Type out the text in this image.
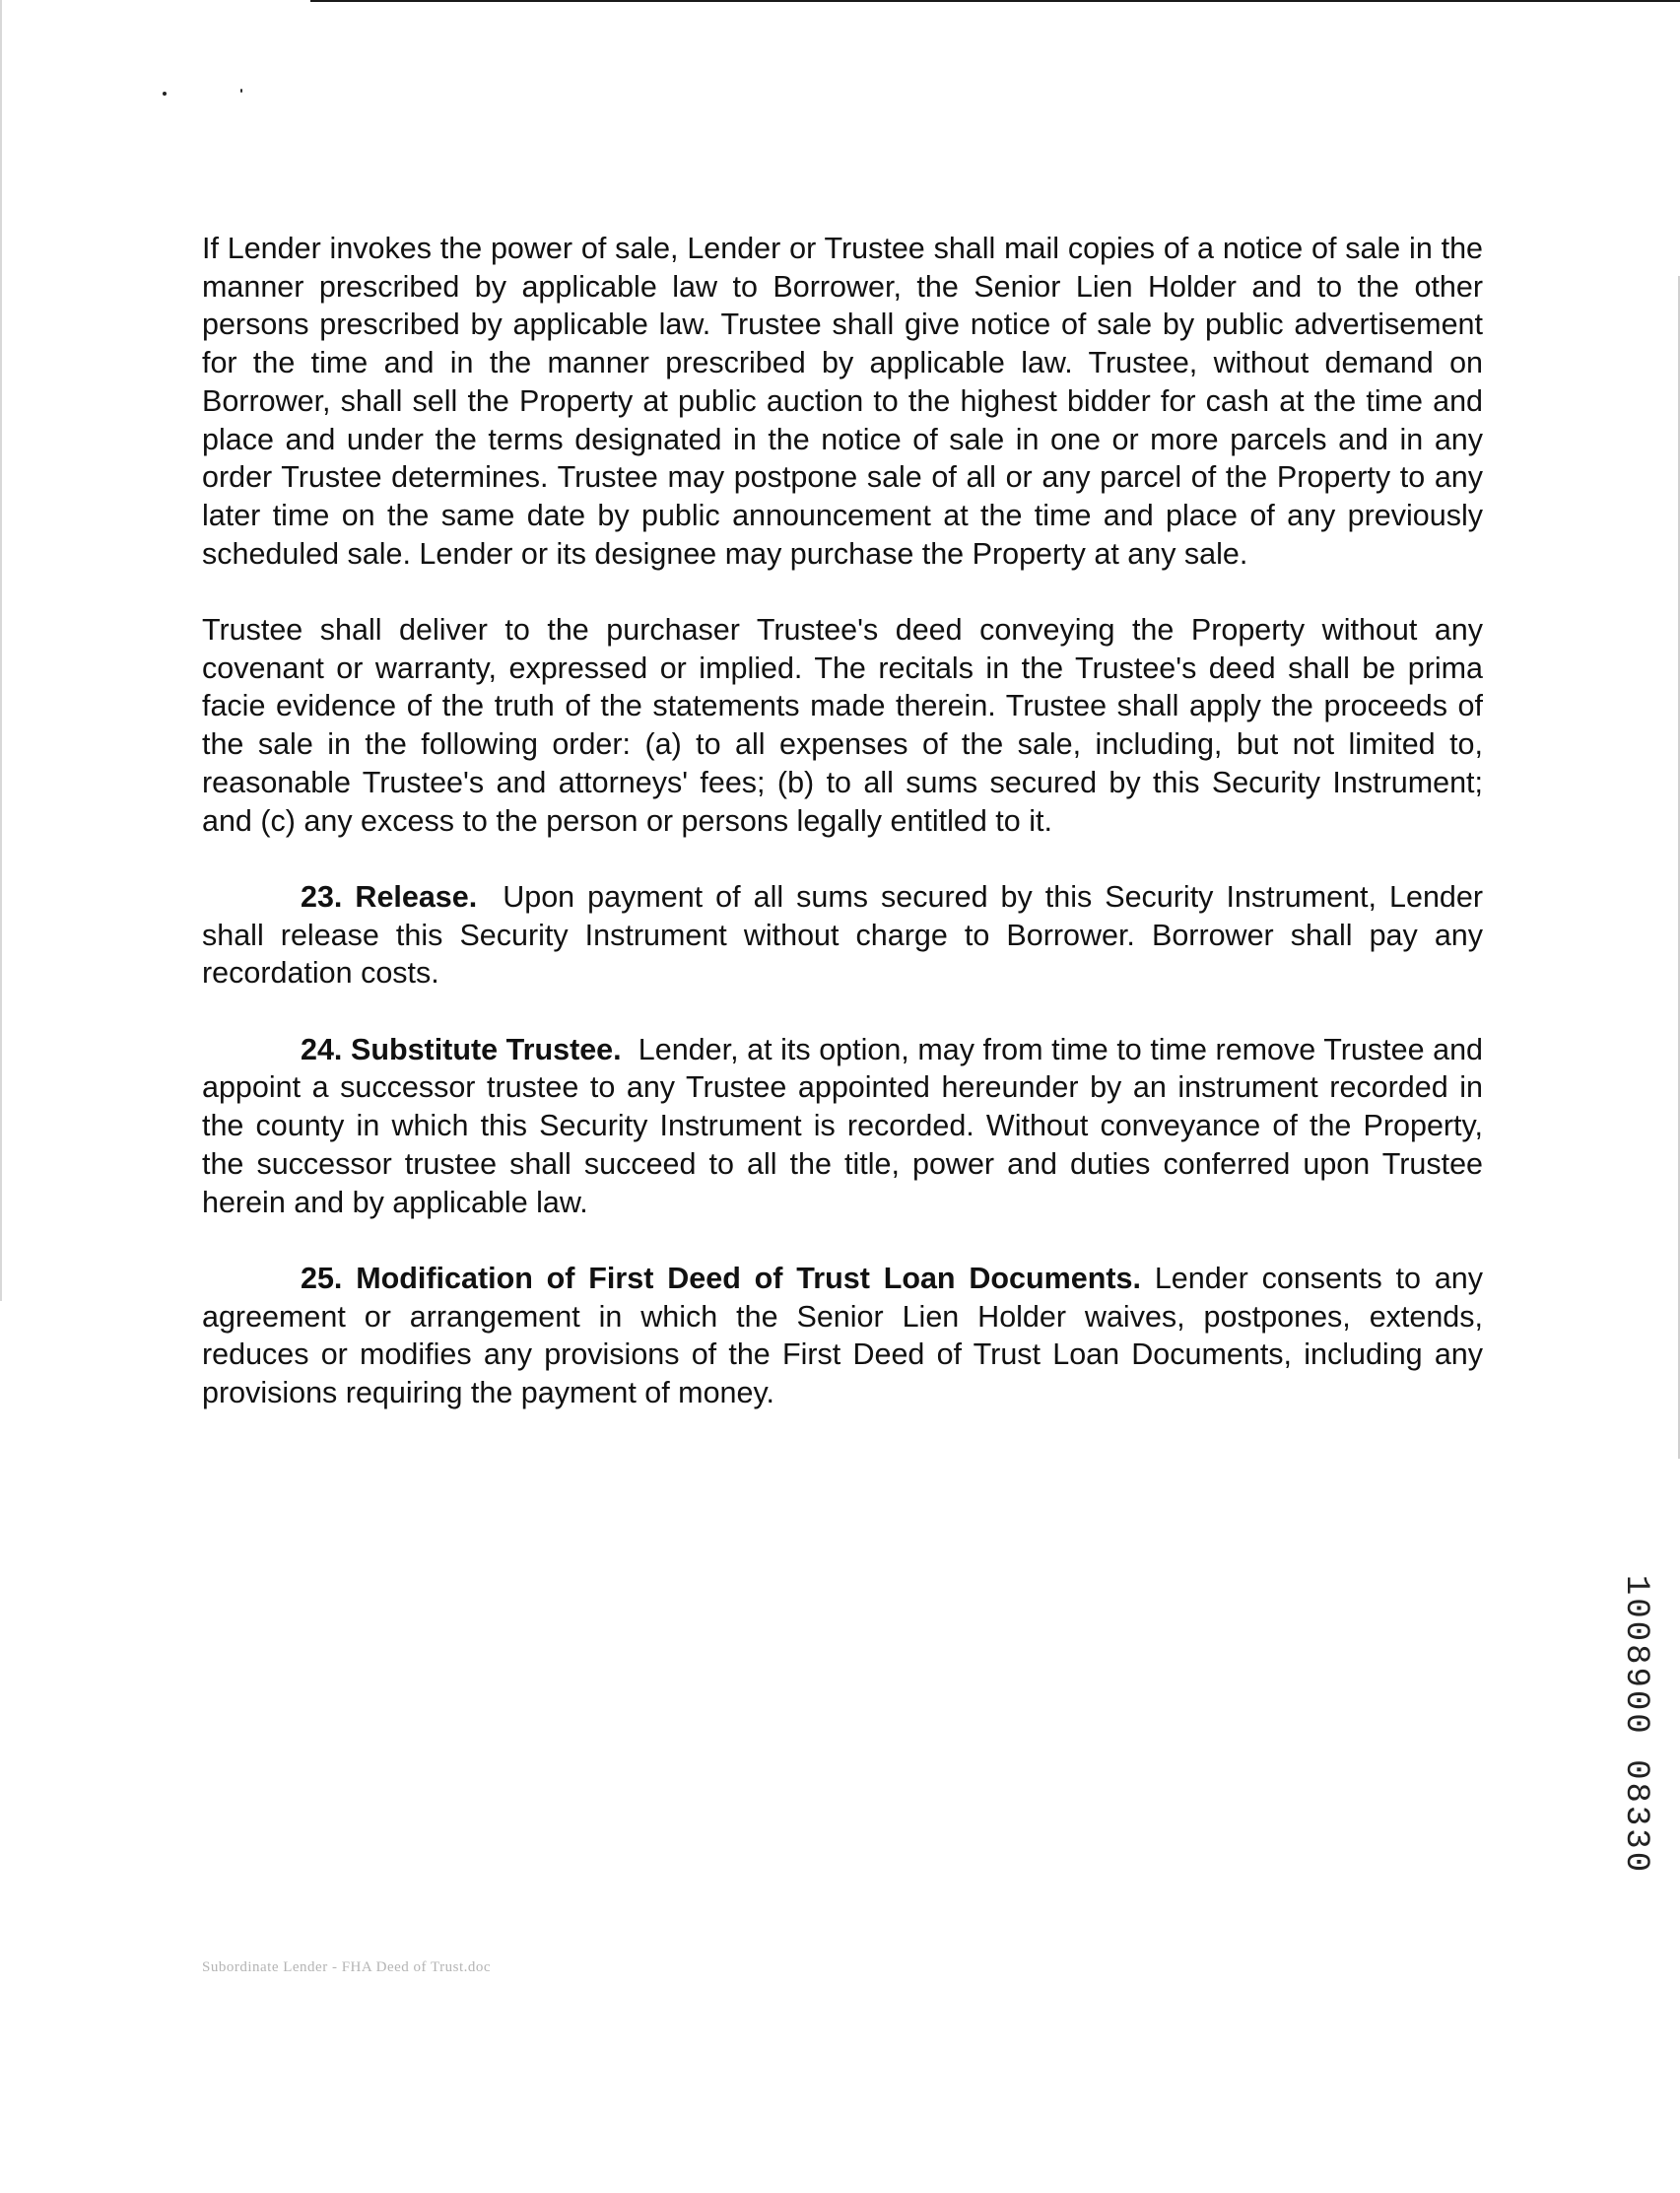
If Lender invokes the power of sale, Lender or Trustee shall mail copies of a notice of sale in the manner prescribed by applicable law to Borrower, the Senior Lien Holder and to the other persons prescribed by applicable law. Trustee shall give notice of sale by public advertisement for the time and in the manner prescribed by applicable law. Trustee, without demand on Borrower, shall sell the Property at public auction to the highest bidder for cash at the time and place and under the terms designated in the notice of sale in one or more parcels and in any order Trustee determines. Trustee may postpone sale of all or any parcel of the Property to any later time on the same date by public announcement at the time and place of any previously scheduled sale. Lender or its designee may purchase the Property at any sale.

Trustee shall deliver to the purchaser Trustee's deed conveying the Property without any covenant or warranty, expressed or implied. The recitals in the Trustee's deed shall be prima facie evidence of the truth of the statements made therein. Trustee shall apply the proceeds of the sale in the following order: (a) to all expenses of the sale, including, but not limited to, reasonable Trustee's and attorneys' fees; (b) to all sums secured by this Security Instrument; and (c) any excess to the person or persons legally entitled to it.

23. Release. Upon payment of all sums secured by this Security Instrument, Lender shall release this Security Instrument without charge to Borrower. Borrower shall pay any recordation costs.

24. Substitute Trustee. Lender, at its option, may from time to time remove Trustee and appoint a successor trustee to any Trustee appointed hereunder by an instrument recorded in the county in which this Security Instrument is recorded. Without conveyance of the Property, the successor trustee shall succeed to all the title, power and duties conferred upon Trustee herein and by applicable law.

25. Modification of First Deed of Trust Loan Documents. Lender consents to any agreement or arrangement in which the Senior Lien Holder waives, postpones, extends, reduces or modifies any provisions of the First Deed of Trust Loan Documents, including any provisions requiring the payment of money.

1008900 08330
Subordinate Lender - FHA Deed of Trust.doc
